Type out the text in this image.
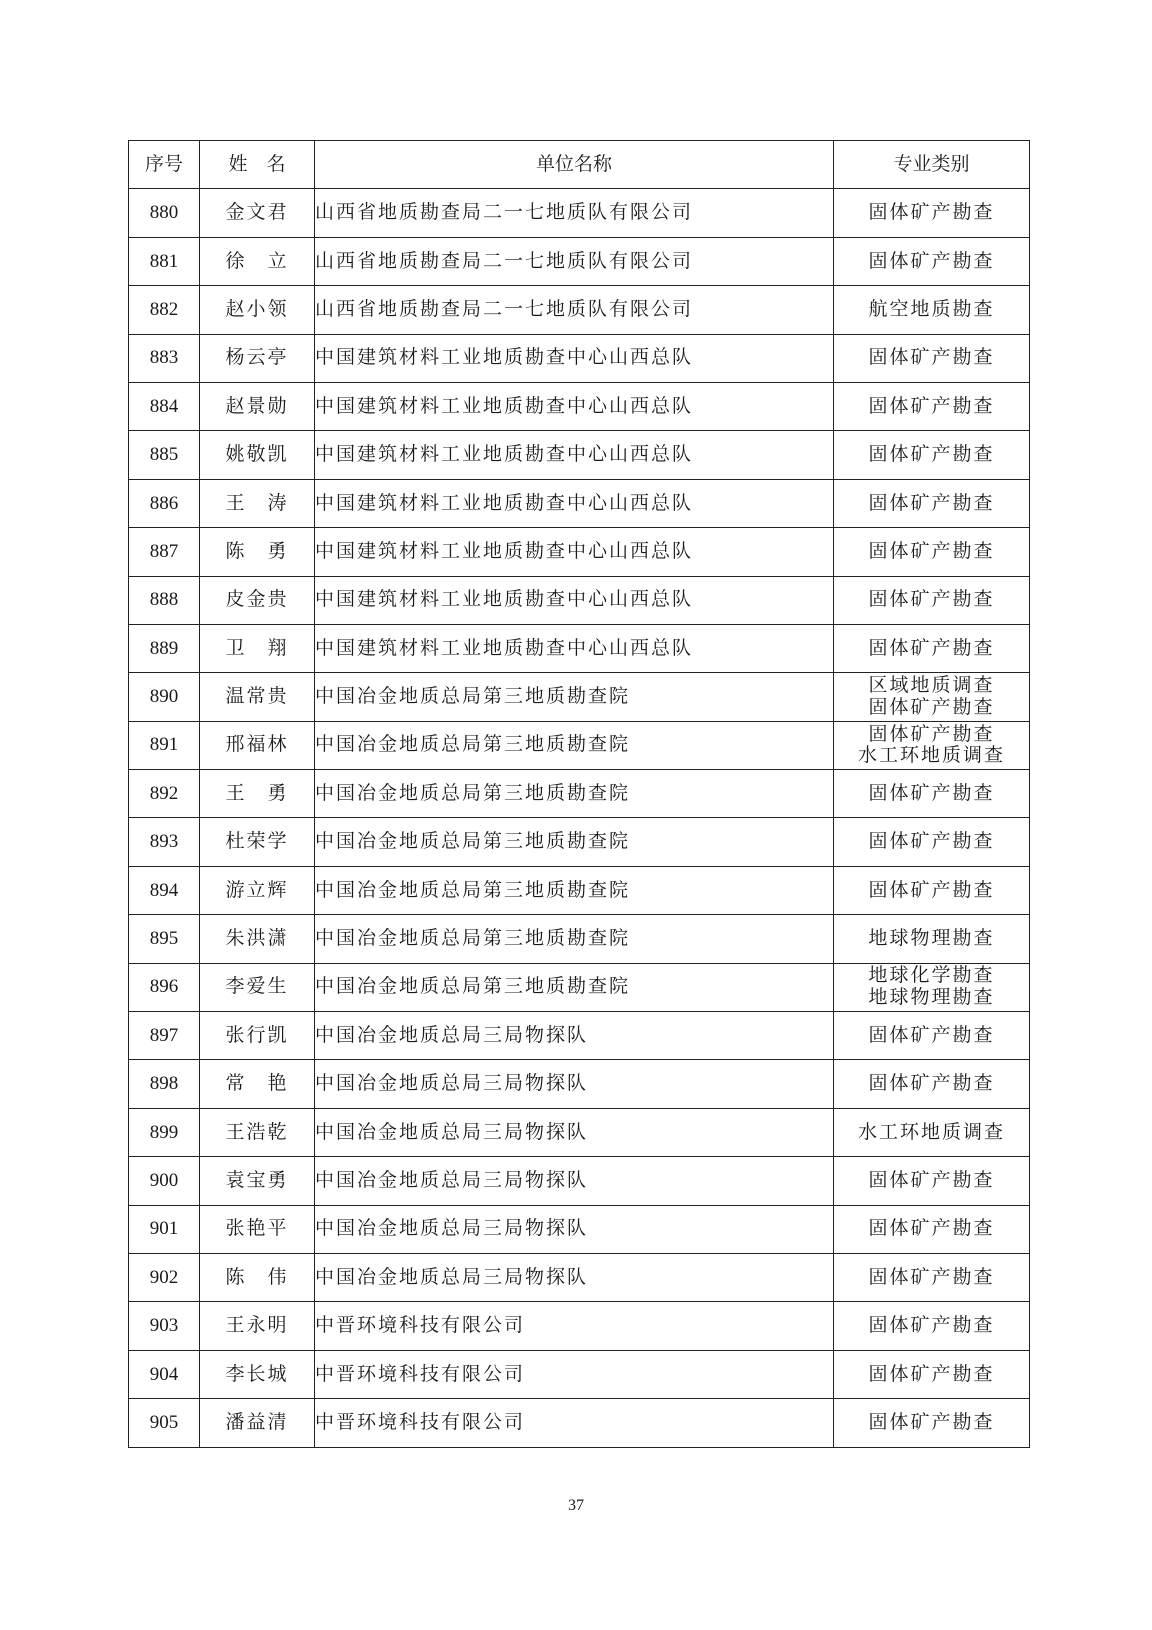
序号	姓　名	单位名称	专业类别
880	金文君	山西省地质勘查局二一七地质队有限公司	固体矿产勘查

881	徐　立	山西省地质勘查局二一七地质队有限公司	固体矿产勘查

882	赵小领	山西省地质勘查局二一七地质队有限公司	航空地质勘查

883	杨云亭	中国建筑材料工业地质勘查中心山西总队	固体矿产勘查

884	赵景勋	中国建筑材料工业地质勘查中心山西总队	固体矿产勘查

885	姚敬凯	中国建筑材料工业地质勘查中心山西总队	固体矿产勘查

886	王　涛	中国建筑材料工业地质勘查中心山西总队	固体矿产勘查

887	陈　勇	中国建筑材料工业地质勘查中心山西总队	固体矿产勘查

888	皮金贵	中国建筑材料工业地质勘查中心山西总队	固体矿产勘查

889	卫　翔	中国建筑材料工业地质勘查中心山西总队	固体矿产勘查

890	温常贵	中国冶金地质总局第三地质勘查院	区域地质调查
固体矿产勘查

891	邢福林	中国冶金地质总局第三地质勘查院	固体矿产勘查
水工环地质调查

892	王　勇	中国冶金地质总局第三地质勘查院	固体矿产勘查

893	杜荣学	中国冶金地质总局第三地质勘查院	固体矿产勘查

894	游立辉	中国冶金地质总局第三地质勘查院	固体矿产勘查

895	朱洪潇	中国冶金地质总局第三地质勘查院	地球物理勘查

896	李爱生	中国冶金地质总局第三地质勘查院	地球化学勘查
地球物理勘查

897	张行凯	中国冶金地质总局三局物探队	固体矿产勘查

898	常　艳	中国冶金地质总局三局物探队	固体矿产勘查

899	王浩乾	中国冶金地质总局三局物探队	水工环地质调查

900	袁宝勇	中国冶金地质总局三局物探队	固体矿产勘查

901	张艳平	中国冶金地质总局三局物探队	固体矿产勘查

902	陈　伟	中国冶金地质总局三局物探队	固体矿产勘查

903	王永明	中晋环境科技有限公司	固体矿产勘查

904	李长城	中晋环境科技有限公司	固体矿产勘查

905	潘益清	中晋环境科技有限公司	固体矿产勘查
37
